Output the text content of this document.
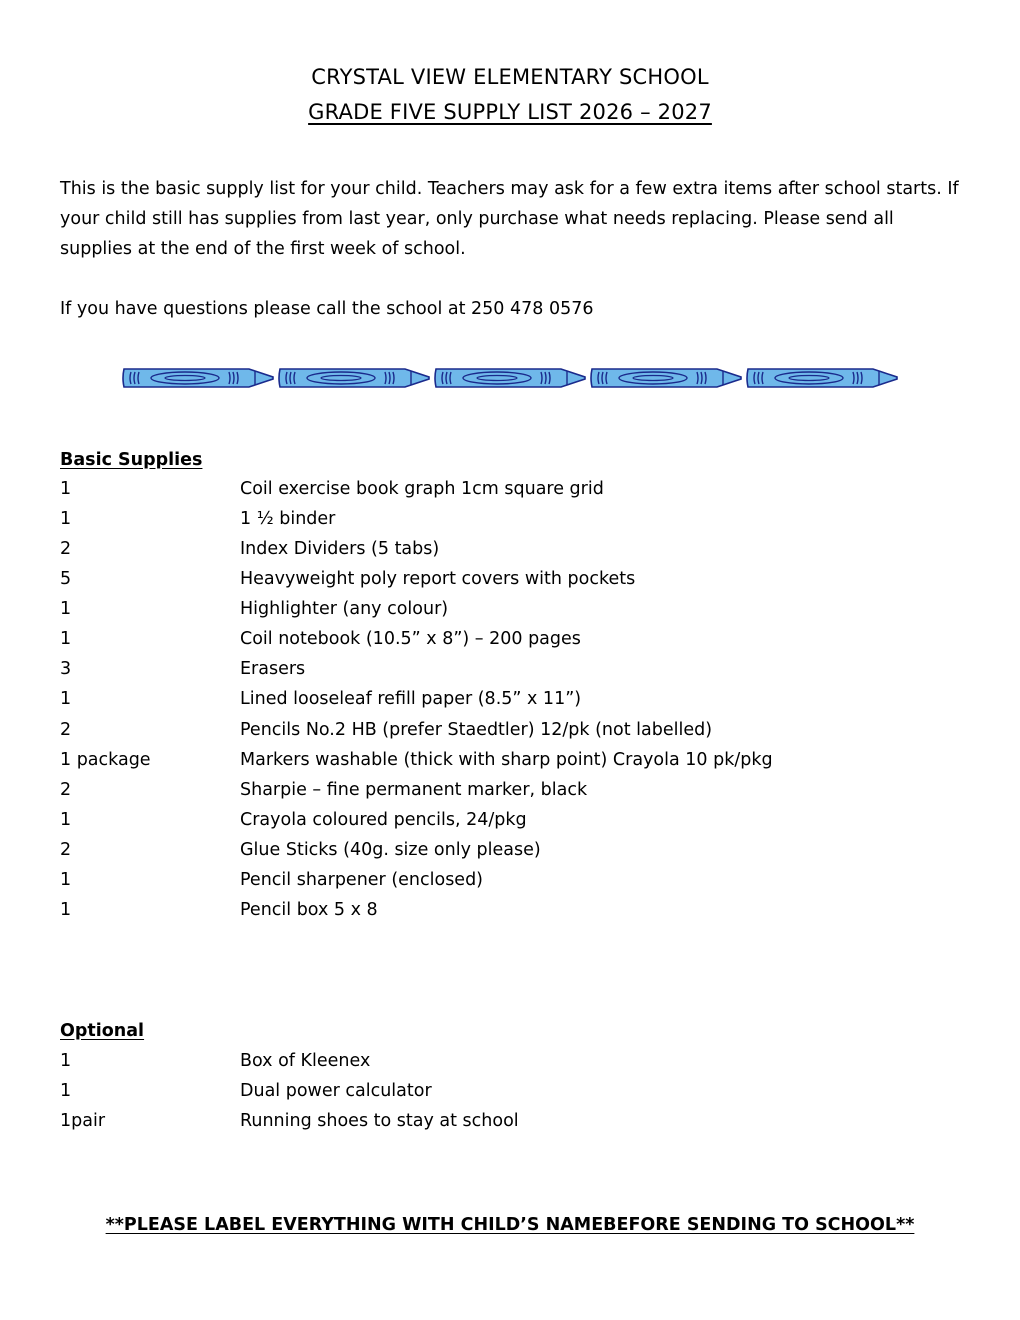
CRYSTAL VIEW ELEMENTARY SCHOOL
GRADE FIVE SUPPLY LIST 2026 – 2027

This is the basic supply list for your child. Teachers may ask for a few extra items after school starts. If your child still has supplies from last year, only purchase what needs replacing. Please send all supplies at the end of the first week of school.

If you have questions please call the school at 250 478 0576
Basic Supplies
1	Coil exercise book graph 1cm square grid
1	1 ½ binder
2	Index Dividers (5 tabs)
5	Heavyweight poly report covers with pockets
1	Highlighter (any colour)
1	Coil notebook (10.5” x 8”) – 200 pages
3	Erasers
1	Lined looseleaf refill paper (8.5” x 11”)
2	Pencils No.2 HB (prefer Staedtler) 12/pk (not labelled)
1 package	Markers washable (thick with sharp point) Crayola 10 pk/pkg
2	Sharpie – fine permanent marker, black
1	Crayola coloured pencils, 24/pkg
2	Glue Sticks (40g. size only please)
1	Pencil sharpener (enclosed)
1	Pencil box 5 x 8
Optional
1	Box of Kleenex
1	Dual power calculator
1pair	Running shoes to stay at school
**PLEASE LABEL EVERYTHING WITH CHILD’S NAMEBEFORE SENDING TO SCHOOL**
